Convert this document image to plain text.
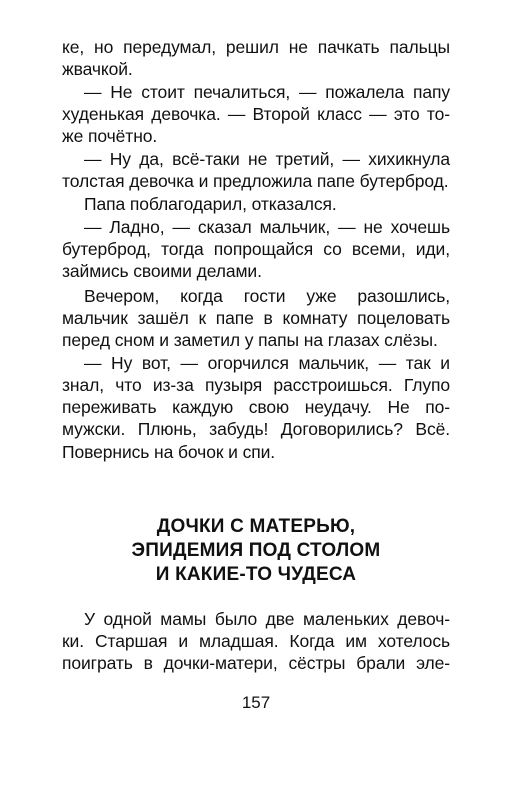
ке, но передумал, решил не пачкать пальцы
жвачкой.
— Не стоит печалиться, — пожалела папу
худенькая девочка. — Второй класс — это то-
же почётно.
— Ну да, всё-таки не третий, — хихикнула
толстая девочка и предложила папе бутерброд.
Папа поблагодарил, отказался.
— Ладно, — сказал мальчик, — не хочешь
бутерброд, тогда попрощайся со всеми, иди,
займись своими делами.
Вечером, когда гости уже разошлись,
мальчик зашёл к папе в комнату поцеловать
перед сном и заметил у папы на глазах слёзы.
— Ну вот, — огорчился мальчик, — так и
знал, что из-за пузыря расстроишься. Глупо
переживать каждую свою неудачу. Не по-
мужски. Плюнь, забудь! Договорились? Всё.
Повернись на бочок и спи.
ДОЧКИ С МАТЕРЬЮ,
ЭПИДЕМИЯ ПОД СТОЛОМ
И КАКИЕ-ТО ЧУДЕСА
У одной мамы было две маленьких девоч-
ки. Старшая и младшая. Когда им хотелось
поиграть в дочки-матери, сёстры брали эле-
157
